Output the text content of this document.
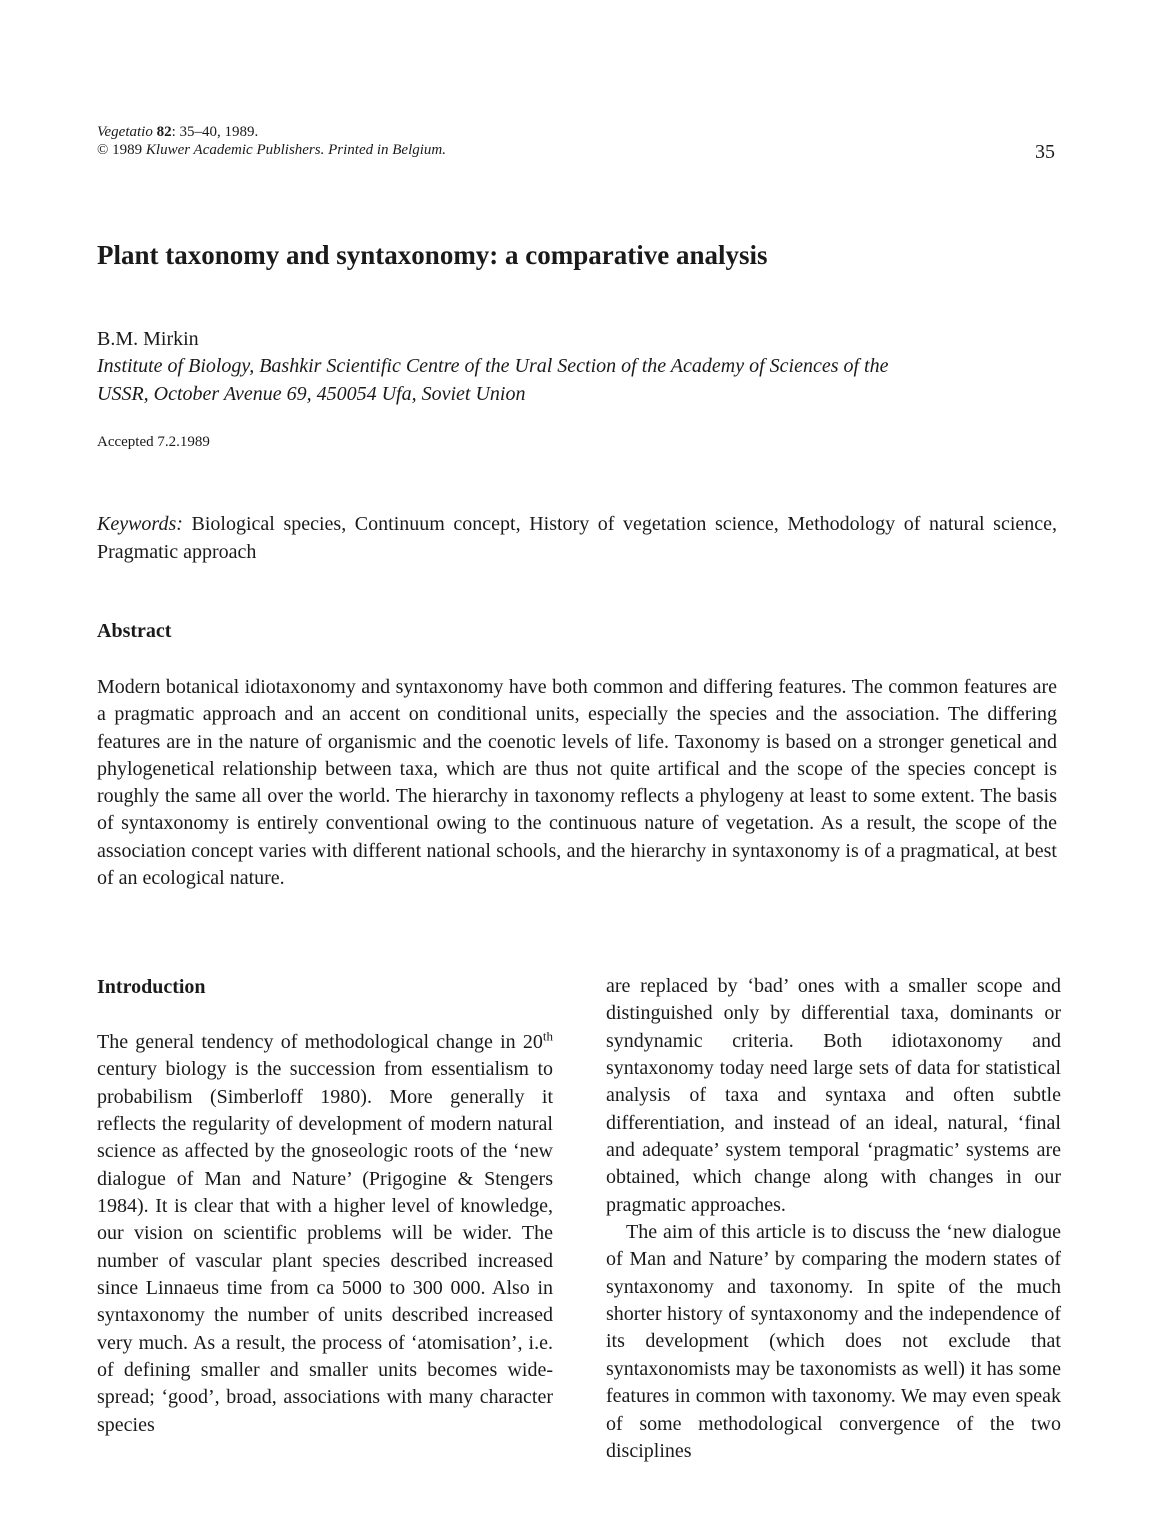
Vegetatio 82: 35–40, 1989.
© 1989 Kluwer Academic Publishers. Printed in Belgium.	35
Plant taxonomy and syntaxonomy: a comparative analysis
B.M. Mirkin
Institute of Biology, Bashkir Scientific Centre of the Ural Section of the Academy of Sciences of the
USSR, October Avenue 69, 450054 Ufa, Soviet Union
Accepted 7.2.1989
Keywords: Biological species, Continuum concept, History of vegetation science, Methodology of natural science, Pragmatic approach
Abstract

Modern botanical idiotaxonomy and syntaxonomy have both common and differing features. The common features are a pragmatic approach and an accent on conditional units, especially the species and the association. The differing features are in the nature of organismic and the coenotic levels of life. Taxonomy is based on a stronger genetical and phylogenetical relationship between taxa, which are thus not quite artifical and the scope of the species concept is roughly the same all over the world. The hierarchy in taxonomy reflects a phylogeny at least to some extent. The basis of syntaxonomy is entirely conventional owing to the continuous nature of vegetation. As a result, the scope of the association concept varies with different national schools, and the hierarchy in syntaxonomy is of a pragmatical, at best of an ecological nature.

Introduction

The general tendency of methodological change in 20th century biology is the succession from essentialism to probabilism (Simberloff 1980). More generally it reflects the regularity of development of modern natural science as affected by the gnoseologic roots of the ‘new dialogue of Man and Nature’ (Prigogine & Stengers 1984). It is clear that with a higher level of knowledge, our vision on scientific problems will be wider. The number of vascular plant species described increased since Linnaeus time from ca 5000 to 300 000. Also in syntaxonomy the number of units described increased very much. As a result, the process of ‘atomisation’, i.e. of defining smaller and smaller units becomes wide-spread; ‘good’, broad, associations with many character species

are replaced by ‘bad’ ones with a smaller scope and distinguished only by differential taxa, dominants or syndynamic criteria. Both idiotaxonomy and syntaxonomy today need large sets of data for statistical analysis of taxa and syntaxa and often subtle differentiation, and instead of an ideal, natural, ‘final and adequate’ system temporal ‘pragmatic’ systems are obtained, which change along with changes in our pragmatic approaches.

The aim of this article is to discuss the ‘new dialogue of Man and Nature’ by comparing the modern states of syntaxonomy and taxonomy. In spite of the much shorter history of syntaxonomy and the independence of its development (which does not exclude that syntaxonomists may be taxonomists as well) it has some features in common with taxonomy. We may even speak of some methodological convergence of the two disciplines
